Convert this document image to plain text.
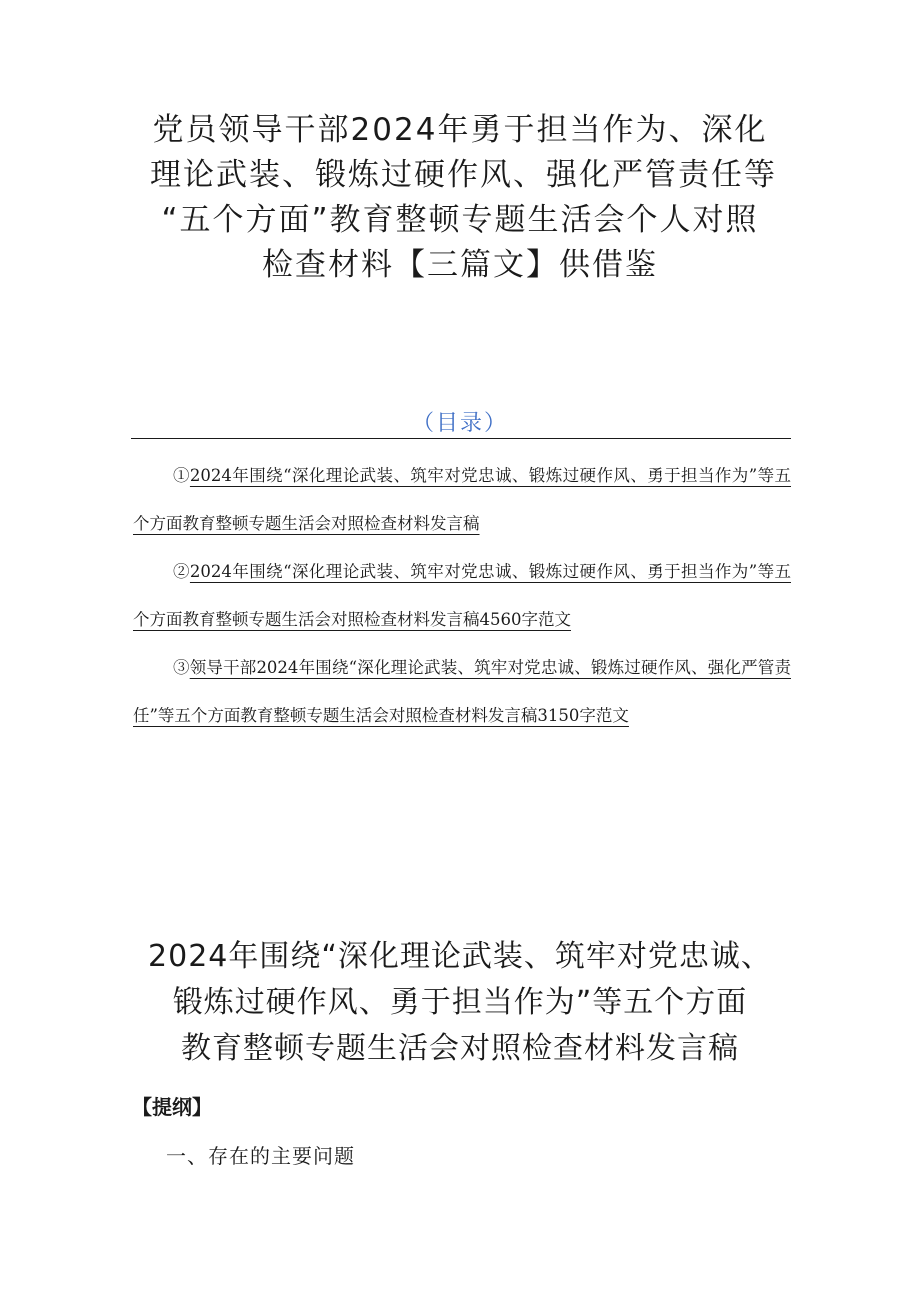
党员领导干部2024年勇于担当作为、深化
理论武装、锻炼过硬作风、强化严管责任等
“五个方面”教育整顿专题生活会个人对照
检查材料【三篇文】供借鉴
（目录）
①2024年围绕“深化理论武装、筑牢对党忠诚、锻炼过硬作风、勇于担当作为”等五个方面教育整顿专题生活会对照检查材料发言稿
②2024年围绕“深化理论武装、筑牢对党忠诚、锻炼过硬作风、勇于担当作为”等五个方面教育整顿专题生活会对照检查材料发言稿4560字范文
③领导干部2024年围绕“深化理论武装、筑牢对党忠诚、锻炼过硬作风、强化严管责任”等五个方面教育整顿专题生活会对照检查材料发言稿3150字范文
2024年围绕“深化理论武装、筑牢对党忠诚、
锻炼过硬作风、勇于担当作为”等五个方面
教育整顿专题生活会对照检查材料发言稿
【提纲】
一、存在的主要问题
